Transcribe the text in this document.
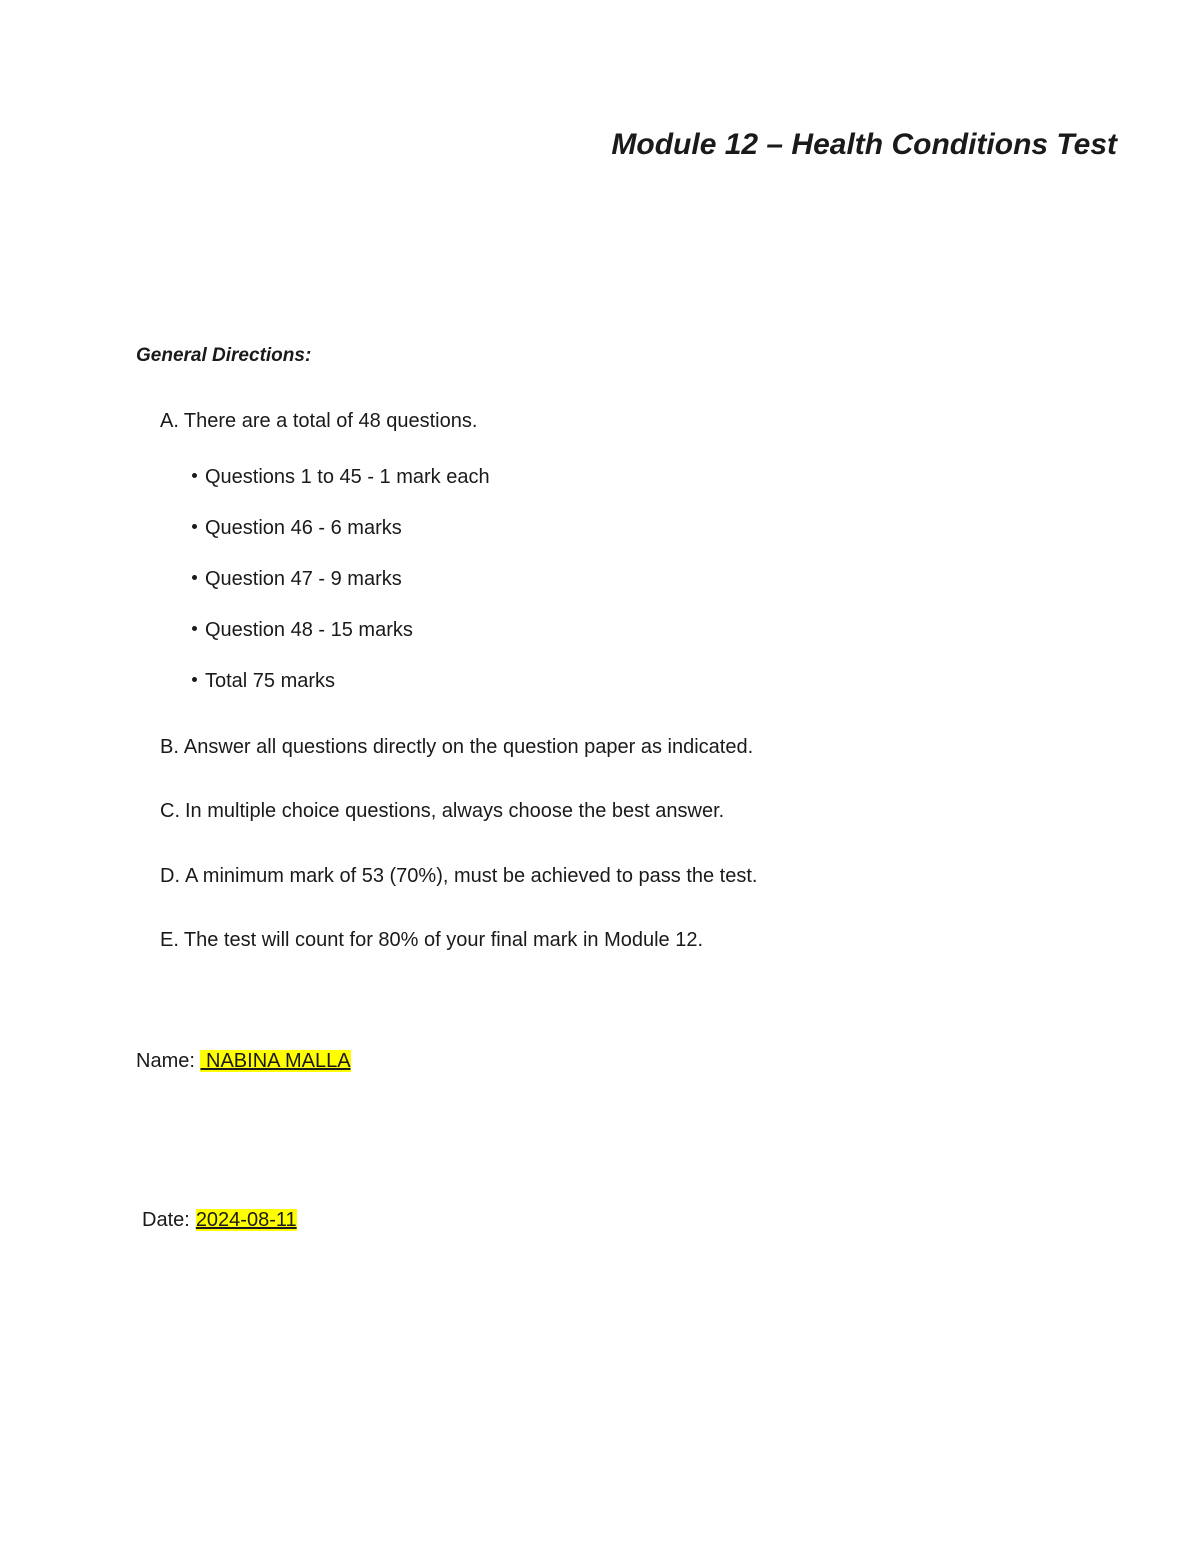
Module 12 – Health Conditions Test
General Directions:
A. There are a total of 48 questions.
Questions 1 to 45 - 1 mark each
Question 46 - 6 marks
Question 47 - 9 marks
Question 48 - 15 marks
Total 75 marks
B. Answer all questions directly on the question paper as indicated.
C. In multiple choice questions, always choose the best answer.
D. A minimum mark of 53 (70%), must be achieved to pass the test.
E. The test will count for 80% of your final mark in Module 12.
Name:  NABINA MALLA
Date: 2024-08-11
